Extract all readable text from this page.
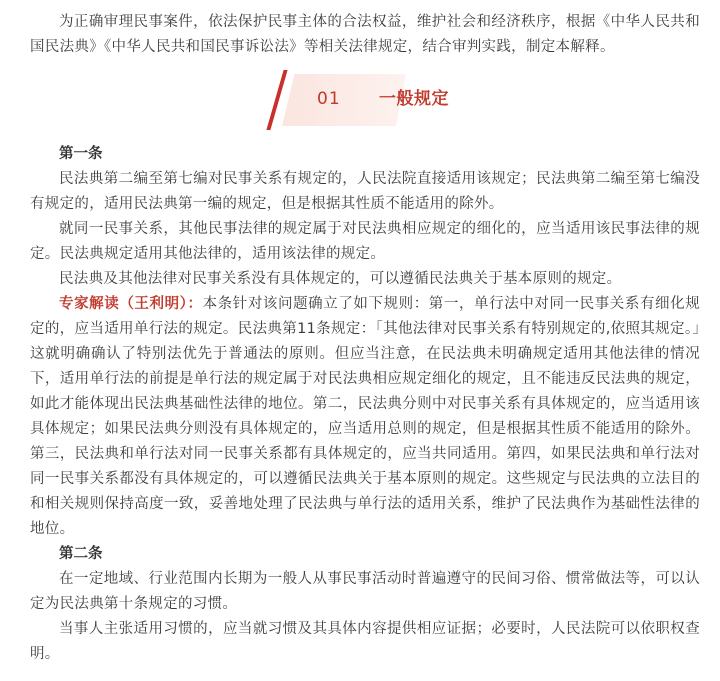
为正确审理民事案件，依法保护民事主体的合法权益，维护社会和经济秩序，根据《中华人民共和国民法典》《中华人民共和国民事诉讼法》等相关法律规定，结合审判实践，制定本解释。

01 一般规定
第一条

民法典第二编至第七编对民事关系有规定的，人民法院直接适用该规定；民法典第二编至第七编没有规定的，适用民法典第一编的规定，但是根据其性质不能适用的除外。

就同一民事关系，其他民事法律的规定属于对民法典相应规定的细化的，应当适用该民事法律的规定。民法典规定适用其他法律的，适用该法律的规定。

民法典及其他法律对民事关系没有具体规定的，可以遵循民法典关于基本原则的规定。

专家解读（王利明）：本条针对该问题确立了如下规则：第一，单行法中对同一民事关系有细化规定的，应当适用单行法的规定。民法典第11条规定：「其他法律对民事关系有特别规定的,依照其规定。」这就明确确认了特别法优先于普通法的原则。但应当注意，在民法典未明确规定适用其他法律的情况下，适用单行法的前提是单行法的规定属于对民法典相应规定细化的规定，且不能违反民法典的规定，如此才能体现出民法典基础性法律的地位。第二，民法典分则中对民事关系有具体规定的，应当适用该具体规定；如果民法典分则没有具体规定的，应当适用总则的规定，但是根据其性质不能适用的除外。第三，民法典和单行法对同一民事关系都有具体规定的，应当共同适用。第四，如果民法典和单行法对同一民事关系都没有具体规定的，可以遵循民法典关于基本原则的规定。这些规定与民法典的立法目的和相关规则保持高度一致，妥善地处理了民法典与单行法的适用关系，维护了民法典作为基础性法律的地位。

第二条

在一定地域、行业范围内长期为一般人从事民事活动时普遍遵守的民间习俗、惯常做法等，可以认定为民法典第十条规定的习惯。

当事人主张适用习惯的，应当就习惯及其具体内容提供相应证据；必要时，人民法院可以依职权查明。
